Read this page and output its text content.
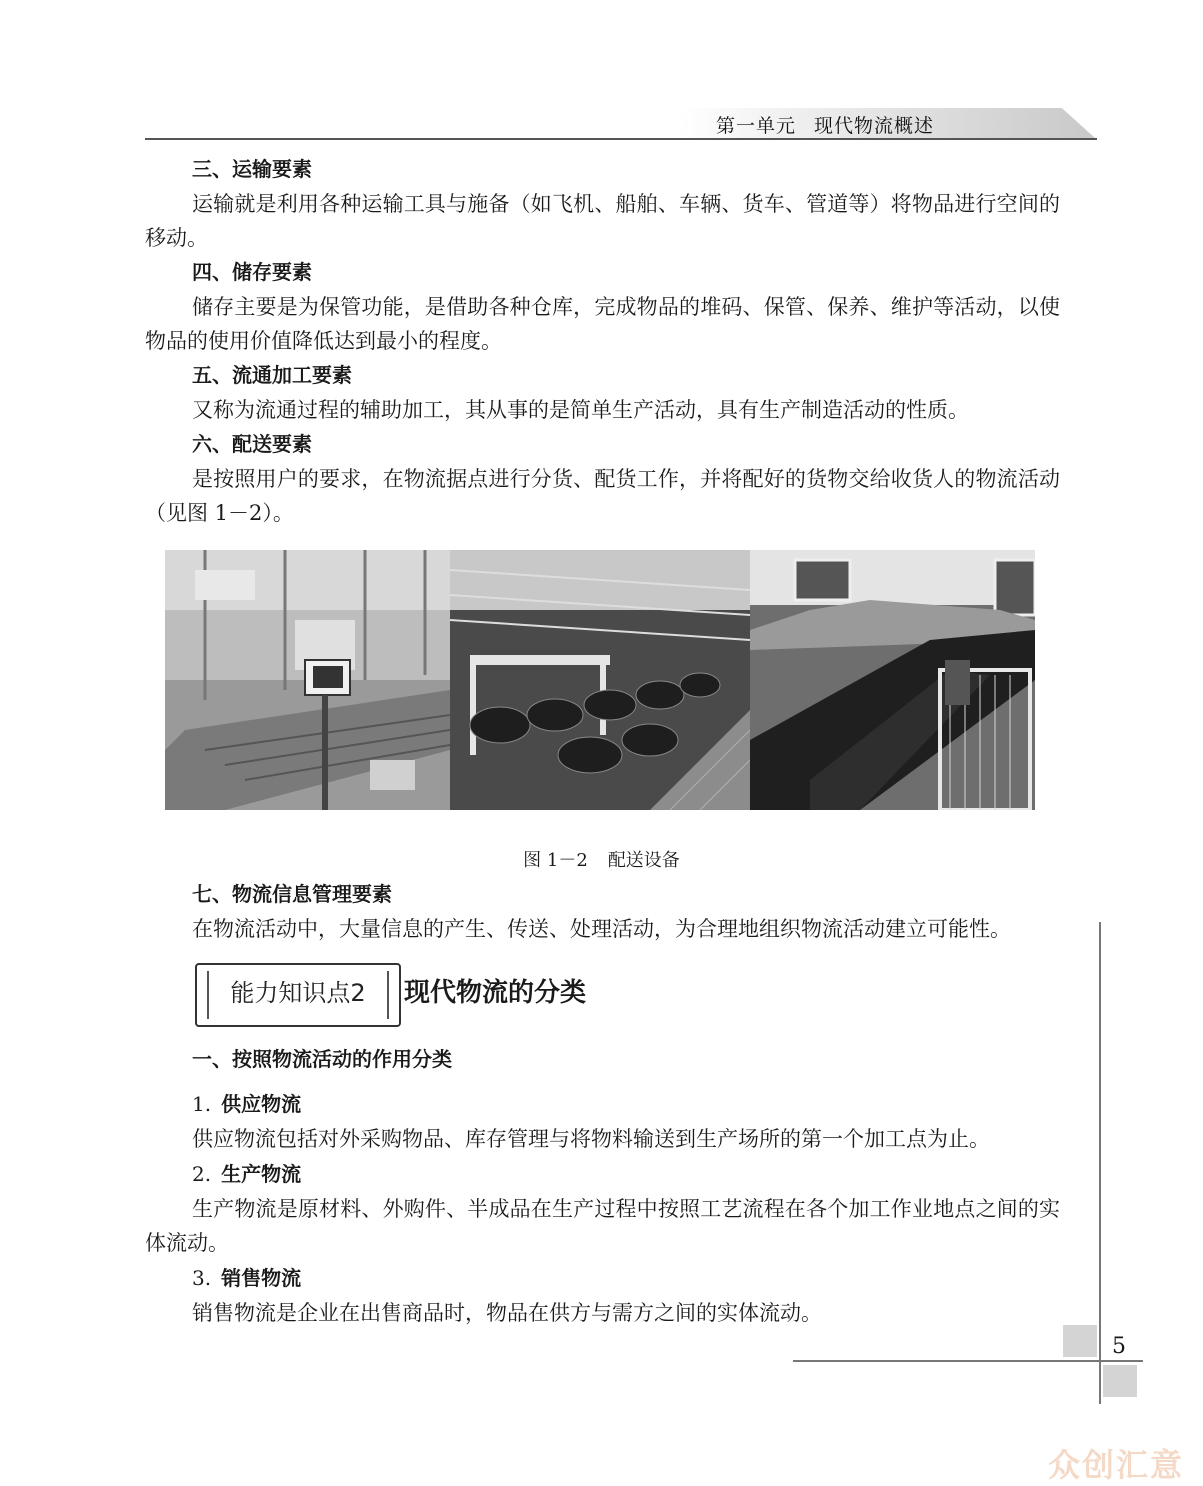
第一单元 现代物流概述
三、运输要素
运输就是利用各种运输工具与施备（如飞机、船舶、车辆、货车、管道等）将物品进行空间的移动。
四、储存要素
储存主要是为保管功能，是借助各种仓库，完成物品的堆码、保管、保养、维护等活动，以使物品的使用价值降低达到最小的程度。
五、流通加工要素
又称为流通过程的辅助加工，其从事的是简单生产活动，具有生产制造活动的性质。
六、配送要素
是按照用户的要求，在物流据点进行分货、配货工作，并将配好的货物交给收货人的物流活动（见图 1－2）。
图 1－2 配送设备
七、物流信息管理要素
在物流活动中，大量信息的产生、传送、处理活动，为合理地组织物流活动建立可能性。
能力知识点2	现代物流的分类
一、按照物流活动的作用分类
1. 供应物流
供应物流包括对外采购物品、库存管理与将物料输送到生产场所的第一个加工点为止。
2. 生产物流
生产物流是原材料、外购件、半成品在生产过程中按照工艺流程在各个加工作业地点之间的实体流动。
3. 销售物流
销售物流是企业在出售商品时，物品在供方与需方之间的实体流动。
5
众创汇意
